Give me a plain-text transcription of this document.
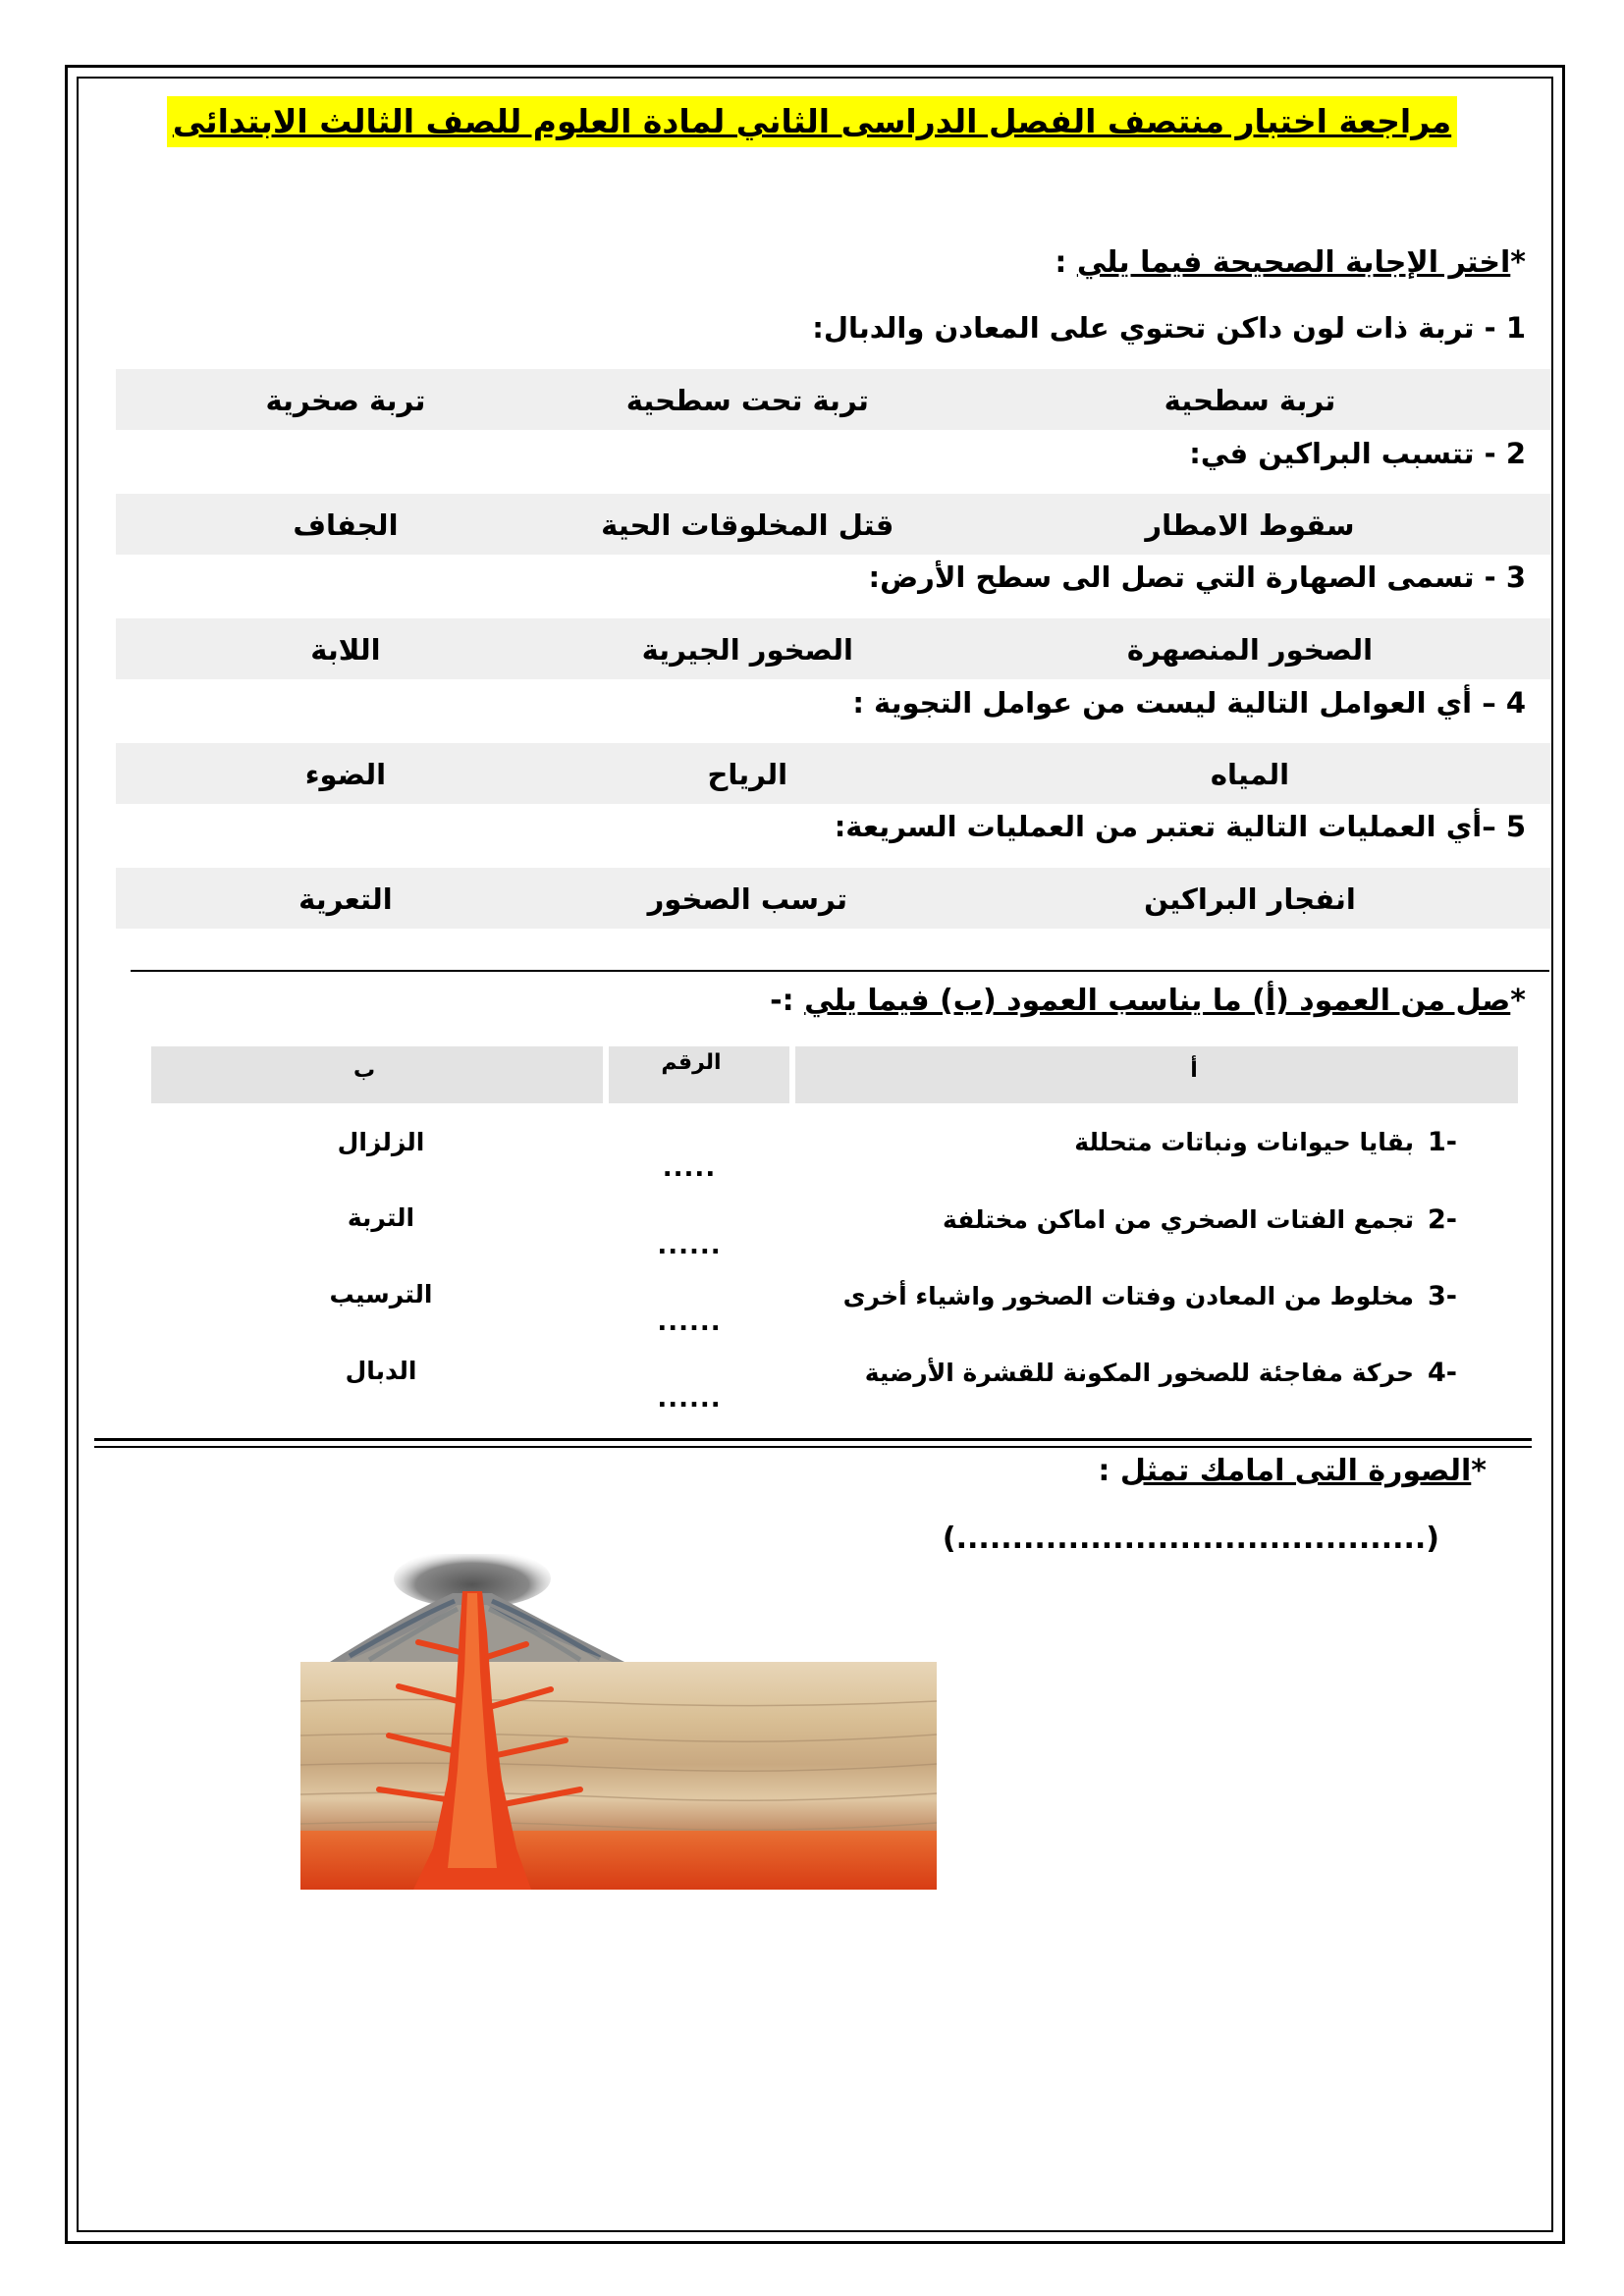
مراجعة اختبار منتصف الفصل الدراسى الثاني لمادة العلوم للصف الثالث الابتدائى
*اختر الإجابة الصحيحة فيما يلي :
1 - تربة ذات لون داكن تحتوي على المعادن والدبال:
تربة سطحية
تربة تحت سطحية
تربة صخرية
2 - تتسبب البراكين في:
سقوط الامطار
قتل المخلوقات الحية
الجفاف
3 - تسمى الصهارة التي تصل الى سطح الأرض:
الصخور المنصهرة
الصخور الجيرية
اللابة
4 – أي العوامل التالية ليست من عوامل التجوية :
المياه
الرياح
الضوء
5 –أي العمليات التالية تعتبر من العمليات السريعة:
انفجار البراكين
ترسب الصخور
التعرية
*صل من العمود (أ) ما يناسب العمود (ب) فيما يلي :-
أ
الرقم
ب
-1بقايا حيوانات ونباتات متحللة
.....
الزلزال
-2تجمع الفتات الصخري من اماكن مختلفة
......
التربة
-3مخلوط من المعادن وفتات الصخور واشياء أخرى
......
الترسيب
-4حركة مفاجئة للصخور المكونة للقشرة الأرضية
......
الدبال
*الصورة التى امامك تمثل :
(..........................................)
